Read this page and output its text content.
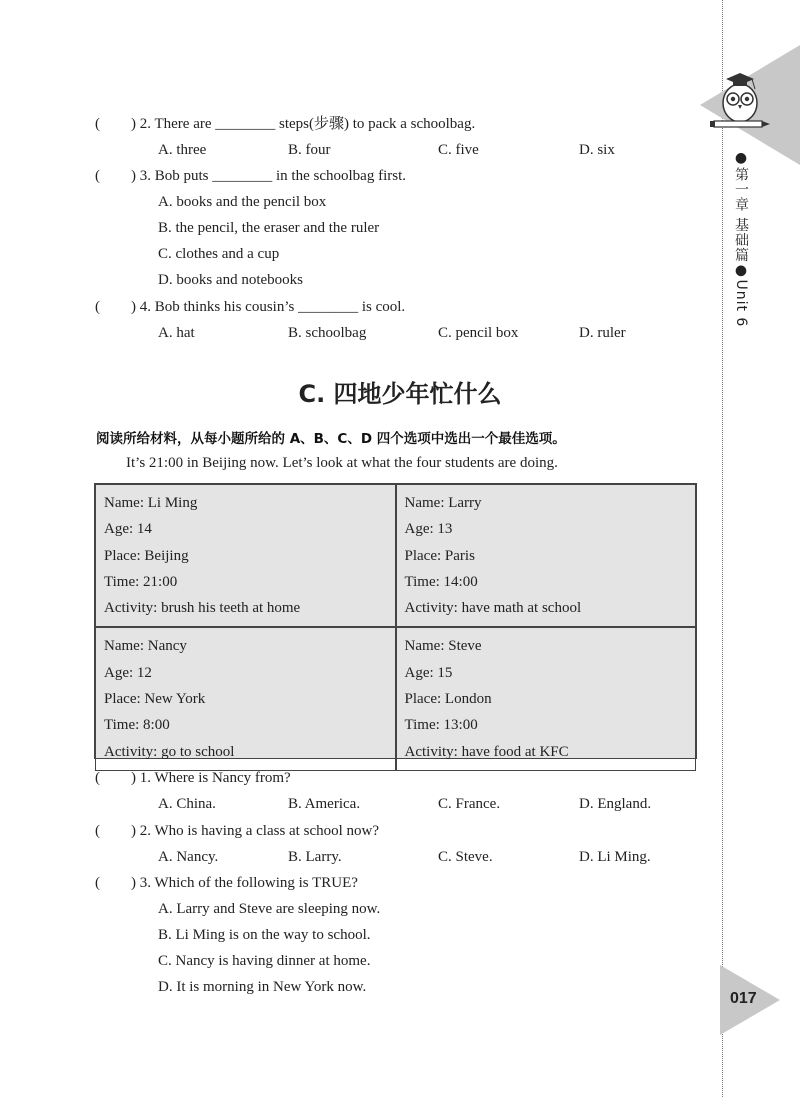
●第一章 基础篇●Unit 6
017
( ) 2. There are ________ steps(步骤) to pack a schoolbag.
A. three	B. four	C. five	D. six
( ) 3. Bob puts ________ in the schoolbag first.
A. books and the pencil box
B. the pencil, the eraser and the ruler
C. clothes and a cup
D. books and notebooks
( ) 4. Bob thinks his cousin’s ________ is cool.
A. hat	B. schoolbag	C. pencil box	D. ruler
C. 四地少年忙什么
阅读所给材料，从每小题所给的 A、B、C、D 四个选项中选出一个最佳选项。
It’s 21:00 in Beijing now. Let’s look at what the four students are doing.
Name: Li Ming
Age: 14
Place: Beijing
Time: 21:00
Activity: brush his teeth at home
Name: Larry
Age: 13
Place: Paris
Time: 14:00
Activity: have math at school
Name: Nancy
Age: 12
Place: New York
Time: 8:00
Activity: go to school
Name: Steve
Age: 15
Place: London
Time: 13:00
Activity: have food at KFC
( ) 1. Where is Nancy from?
A. China.	B. America.	C. France.	D. England.
( ) 2. Who is having a class at school now?
A. Nancy.	B. Larry.	C. Steve.	D. Li Ming.
( ) 3. Which of the following is TRUE?
A. Larry and Steve are sleeping now.
B. Li Ming is on the way to school.
C. Nancy is having dinner at home.
D. It is morning in New York now.
